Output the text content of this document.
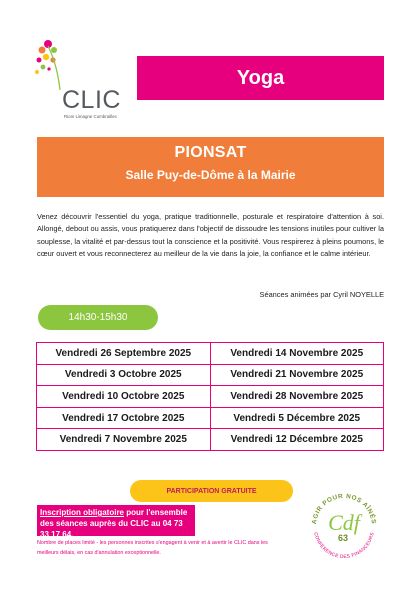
CLIC
Riom Limagne Combrailles
Yoga
PIONSAT
Salle Puy-de-Dôme à la Mairie

Venez découvrir l'essentiel du yoga, pratique traditionnelle, posturale et respiratoire d'attention à soi. Allongé, debout ou assis, vous pratiquerez dans l'objectif de dissoudre les tensions inutiles pour cultiver la souplesse, la vitalité et par-dessus tout la conscience et la positivité. Vous respirerez à pleins poumons, le cœur ouvert et vous reconnecterez au meilleur de la vie dans la joie, la confiance et le calme intérieur.

Séances animées par Cyril NOYELLE
14h30-15h30
Vendredi 26 Septembre 2025	Vendredi 14 Novembre 2025
Vendredi 3 Octobre 2025	Vendredi 21 Novembre 2025
Vendredi 10 Octobre 2025	Vendredi 28 Novembre 2025
Vendredi 17 Octobre 2025	Vendredi 5 Décembre 2025
Vendredi 7 Novembre 2025	Vendredi 12 Décembre 2025
PARTICIPATION GRATUITE
Inscription obligatoire pour l'ensemble des séances auprès du CLIC au 04 73 33 17 64.

Nombre de places limité - les personnes inscrites s'engagent à venir et à avertir le CLIC dans les meilleurs délais, en cas d'annulation exceptionnelle.

AGIR POUR NOS AÎNÉS
CONFÉRENCE DES FINANCEURS
Cdf
63
